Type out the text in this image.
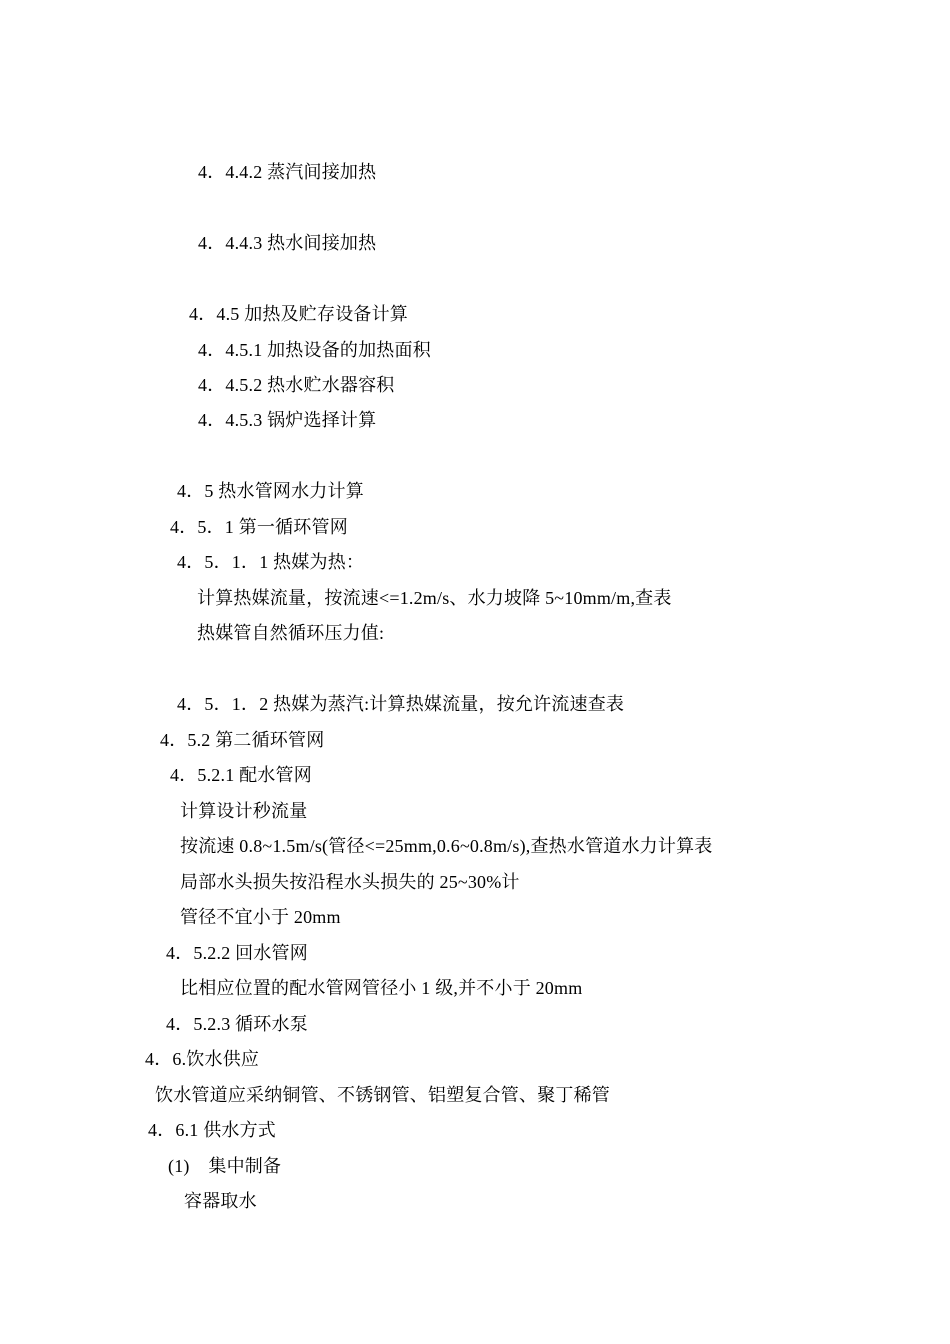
4．4.4.2 蒸汽间接加热
4．4.4.3 热水间接加热
4．4.5 加热及贮存设备计算
4．4.5.1 加热设备的加热面积
4．4.5.2 热水贮水器容积
4．4.5.3 锅炉选择计算
4．5 热水管网水力计算
4．5．1 第一循环管网
4．5．1．1 热媒为热：
计算热媒流量，按流速<=1.2m/s、水力坡降 5~10mm/m,查表
热媒管自然循环压力值:
4．5．1．2 热媒为蒸汽:计算热媒流量，按允许流速查表
4．5.2 第二循环管网
4．5.2.1 配水管网
计算设计秒流量
按流速 0.8~1.5m/s(管径<=25mm,0.6~0.8m/s),查热水管道水力计算表
局部水头损失按沿程水头损失的 25~30%计
管径不宜小于 20mm
4．5.2.2 回水管网
比相应位置的配水管网管径小 1 级,并不小于 20mm
4．5.2.3 循环水泵
4．6.饮水供应
饮水管道应采纳铜管、不锈钢管、铝塑复合管、聚丁稀管
4．6.1 供水方式
(1)    集中制备
容器取水
